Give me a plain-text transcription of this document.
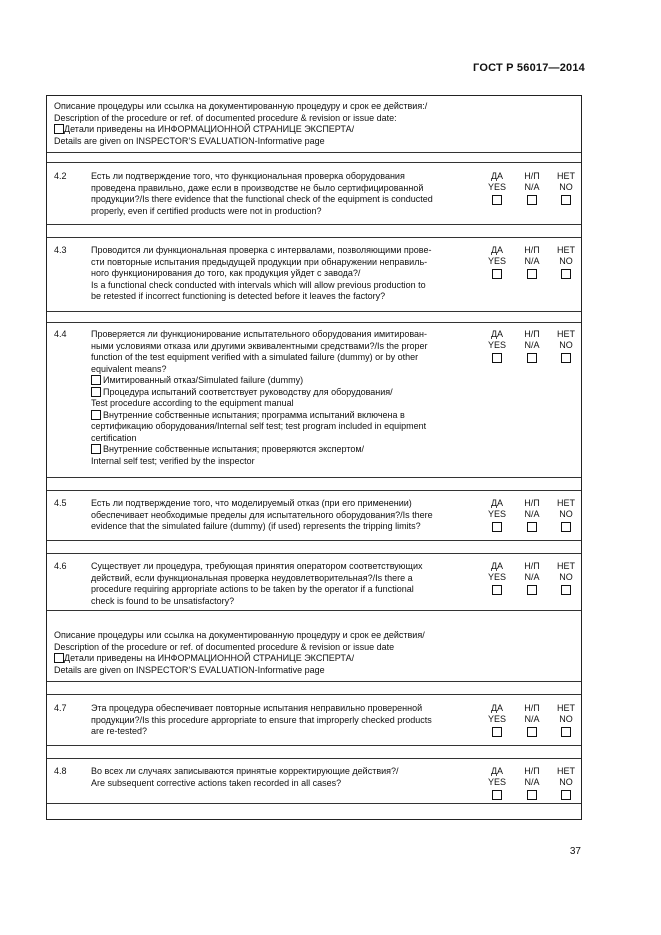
ГОСТ Р 56017—2014
Описание процедуры или ссылка на документированную процедуру и срок ее действия:/
Description of the procedure or ref. of documented procedure & revision or issue date:
Детали приведены на ИНФОРМАЦИОННОЙ СТРАНИЦЕ ЭКСПЕРТА/
Details are given on INSPECTOR’S EVALUATION-Informative page
4.2	Есть ли подтверждение того, что функциональная проверка оборудования
проведена правильно, даже если в производстве не было сертифицированной
продукции?/Is there evidence that the functional check of the equipment is conducted
properly, even if certified products were not in production?
ДА
YES
Н/П
N/A
НЕТ
NO
4.3	Проводится ли функциональная проверка с интервалами, позволяющими прове-
сти повторные испытания предыдущей продукции при обнаружении неправиль-
ного функционирования до того, как продукция уйдет с завода?/
Is a functional check conducted with intervals which will allow previous production to
be retested if incorrect functioning is detected before it leaves the factory?
ДА
YES
Н/П
N/A
НЕТ
NO
4.4	Проверяется ли функционирование испытательного оборудования имитирован-
ными условиями отказа или другими эквивалентными средствами?/Is the proper
function of the test equipment verified with a simulated failure (dummy) or by other
equivalent means?
Имитированный отказ/Simulated failure (dummy)
Процедура испытаний соответствует руководству для оборудования/
Test procedure according to the equipment manual
Внутренние собственные испытания; программа испытаний включена в
сертификацию оборудования/Internal self test; test program included in equipment
certification
Внутренние собственные испытания; проверяются экспертом/
Internal self test; verified by the inspector
ДА
YES
Н/П
N/A
НЕТ
NO
4.5	Есть ли подтверждение того, что моделируемый отказ (при его применении)
обеспечивает необходимые пределы для испытательного оборудования?/Is there
evidence that the simulated failure (dummy) (if used) represents the tripping limits?
ДА
YES
Н/П
N/A
НЕТ
NO
4.6	Существует ли процедура, требующая принятия оператором соответствующих
действий, если функциональная проверка неудовлетворительная?/Is there a
procedure requiring appropriate actions to be taken by the operator if a functional
check is found to be unsatisfactory?
ДА
YES
Н/П
N/A
НЕТ
NO
Описание процедуры или ссылка на документированную процедуру и срок ее действия/
Description of the procedure or ref. of documented procedure & revision or issue date
Детали приведены на ИНФОРМАЦИОННОЙ СТРАНИЦЕ ЭКСПЕРТА/
Details are given on INSPECTOR’S EVALUATION-Informative page
4.7	Эта процедура обеспечивает повторные испытания неправильно проверенной
продукции?/Is this procedure appropriate to ensure that improperly checked products
are re-tested?
ДА
YES
Н/П
N/A
НЕТ
NO
4.8	Во всех ли случаях записываются принятые корректирующие действия?/
Are subsequent corrective actions taken recorded in all cases?
ДА
YES
Н/П
N/A
НЕТ
NO
37
